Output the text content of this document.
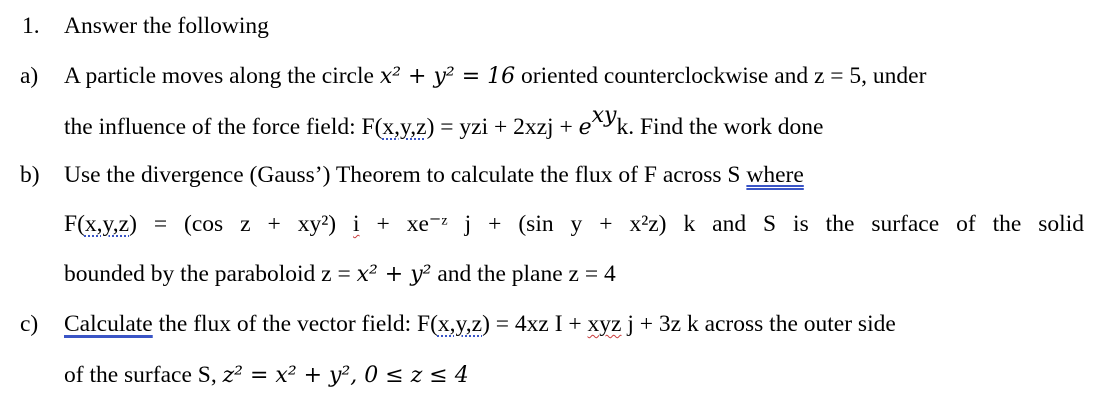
1. Answer the following
a) A particle moves along the circle x² + y² = 16 oriented counterclockwise and z = 5, under
the influence of the force field: F(x,y,z) = yzi + $2xzj + e^{xy}k$. Find the work done
b) Use the divergence (Gauss’) Theorem to calculate the flux of F across S where
F(x,y,z) = (cos z + xy²) i + xe⁻ᶻ j + (sin y + x²z) k and S is the surface of the solid
bounded by the paraboloid z = x² + y² and the plane z = 4
c) Calculate the flux of the vector field: F(x,y,z) = 4xz I + xyz j + 3z k across the outer side
of the surface S, z² = x² + y², 0 ≤ z ≤ 4
